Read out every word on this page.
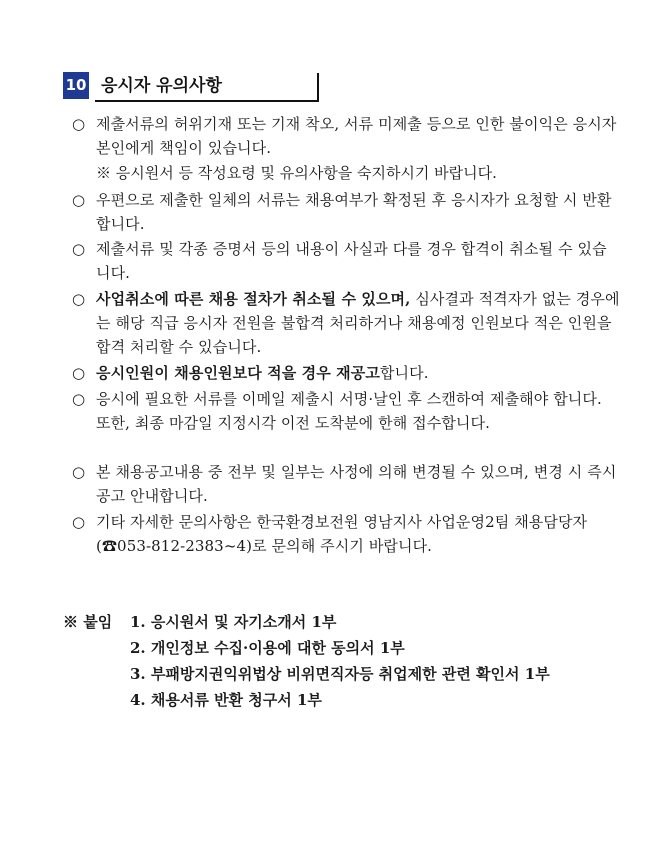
10 응시자 유의사항
○ 제출서류의 허위기재 또는 기재 착오, 서류 미제출 등으로 인한 불이익은 응시자 본인에게 책임이 있습니다.
※ 응시원서 등 작성요령 및 유의사항을 숙지하시기 바랍니다.
○ 우편으로 제출한 일체의 서류는 채용여부가 확정된 후 응시자가 요청할 시 반환합니다.
○ 제출서류 및 각종 증명서 등의 내용이 사실과 다를 경우 합격이 취소될 수 있습니다.
○ 사업취소에 따른 채용 절차가 취소될 수 있으며, 심사결과 적격자가 없는 경우에는 해당 직급 응시자 전원을 불합격 처리하거나 채용예정 인원보다 적은 인원을 합격 처리할 수 있습니다.
○ 응시인원이 채용인원보다 적을 경우 재공고합니다.
○ 응시에 필요한 서류를 이메일 제출시 서명·날인 후 스캔하여 제출해야 합니다. 또한, 최종 마감일 지정시각 이전 도착분에 한해 접수합니다.
○ 본 채용공고내용 중 전부 및 일부는 사정에 의해 변경될 수 있으며, 변경 시 즉시 공고 안내합니다.
○ 기타 자세한 문의사항은 한국환경보전원 영남지사 사업운영2팀 채용담당자(☎053-812-2383~4)로 문의해 주시기 바랍니다.
※ 붙임 1. 응시원서 및 자기소개서 1부
2. 개인정보 수집·이용에 대한 동의서 1부
3. 부패방지권익위법상 비위면직자등 취업제한 관련 확인서 1부
4. 채용서류 반환 청구서 1부
